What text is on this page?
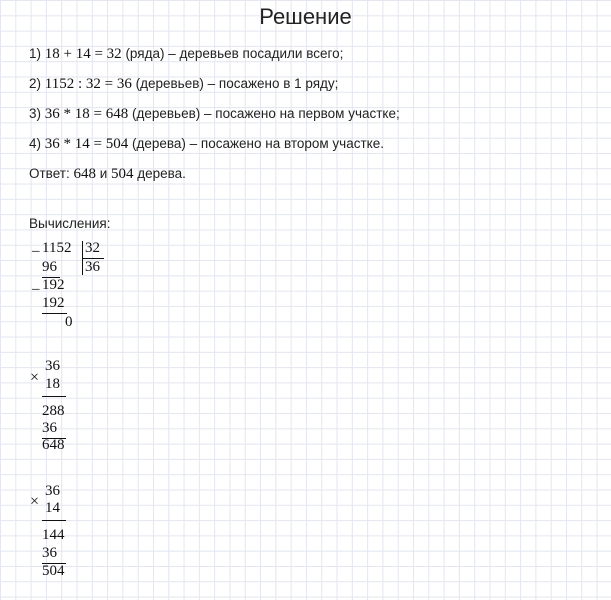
Решение
1) 18 + 14 = 32 (ряда) – деревьев посадили всего;
2) 1152 : 32 = 36 (деревьев) – посажено в 1 ряду;
3) 36 * 18 = 648 (деревьев) – посажено на первом участке;
4) 36 * 14 = 504 (дерева) – посажено на втором участке.
Ответ: 648 и 504 дерева.
Вычисления:
_ 1152 32
96 36
_ 192
192
0
×
36
18
288
36
648
×
36
14
144
36
504
